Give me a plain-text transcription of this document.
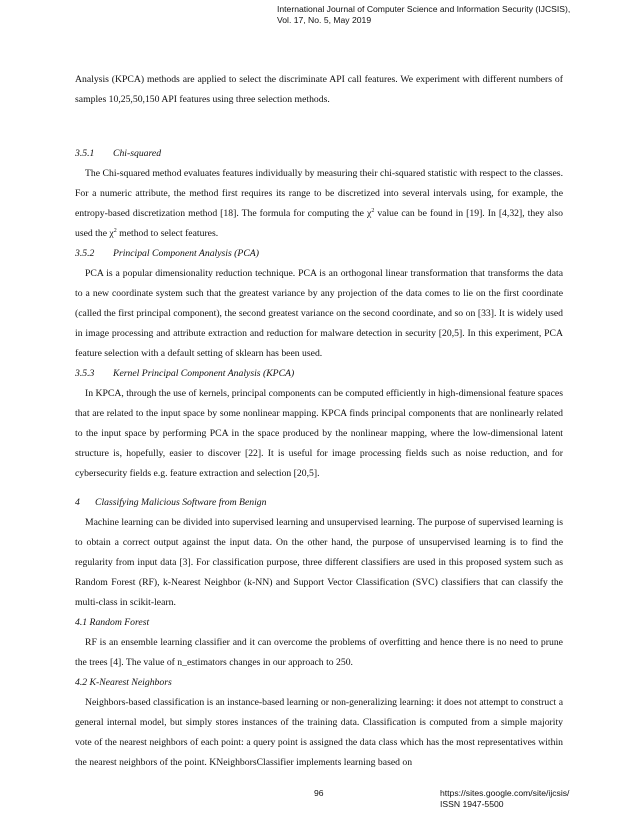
International Journal of Computer Science and Information Security (IJCSIS),
Vol. 17, No. 5, May 2019

Analysis (KPCA) methods are applied to select the discriminate API call features. We experiment with different numbers of samples 10,25,50,150 API features using three selection methods.

3.5.1 Chi-squared

The Chi-squared method evaluates features individually by measuring their chi-squared statistic with respect to the classes. For a numeric attribute, the method first requires its range to be discretized into several intervals using, for example, the entropy-based discretization method [18]. The formula for computing the $\chi^2$ value can be found in [19]. In [4,32], they also used the $\chi^2$ method to select features.

3.5.2 Principal Component Analysis (PCA)

PCA is a popular dimensionality reduction technique. PCA is an orthogonal linear transformation that transforms the data to a new coordinate system such that the greatest variance by any projection of the data comes to lie on the first coordinate (called the first principal component), the second greatest variance on the second coordinate, and so on [33]. It is widely used in image processing and attribute extraction and reduction for malware detection in security [20,5]. In this experiment, PCA feature selection with a default setting of sklearn has been used.

3.5.3 Kernel Principal Component Analysis (KPCA)

In KPCA, through the use of kernels, principal components can be computed efficiently in high-dimensional feature spaces that are related to the input space by some nonlinear mapping. KPCA finds principal components that are nonlinearly related to the input space by performing PCA in the space produced by the nonlinear mapping, where the low-dimensional latent structure is, hopefully, easier to discover [22]. It is useful for image processing fields such as noise reduction, and for cybersecurity fields e.g. feature extraction and selection [20,5].

4 Classifying Malicious Software from Benign

Machine learning can be divided into supervised learning and unsupervised learning. The purpose of supervised learning is to obtain a correct output against the input data. On the other hand, the purpose of unsupervised learning is to find the regularity from input data [3]. For classification purpose, three different classifiers are used in this proposed system such as Random Forest (RF), k-Nearest Neighbor (k-NN) and Support Vector Classification (SVC) classifiers that can classify the multi-class in scikit-learn.

4.1 Random Forest

RF is an ensemble learning classifier and it can overcome the problems of overfitting and hence there is no need to prune the trees [4]. The value of n_estimators changes in our approach to 250.

4.2 K-Nearest Neighbors

Neighbors-based classification is an instance-based learning or non-generalizing learning: it does not attempt to construct a general internal model, but simply stores instances of the training data. Classification is computed from a simple majority vote of the nearest neighbors of each point: a query point is assigned the data class which has the most representatives within the nearest neighbors of the point. KNeighborsClassifier implements learning based on

96	https://sites.google.com/site/ijcsis/
ISSN 1947-5500
